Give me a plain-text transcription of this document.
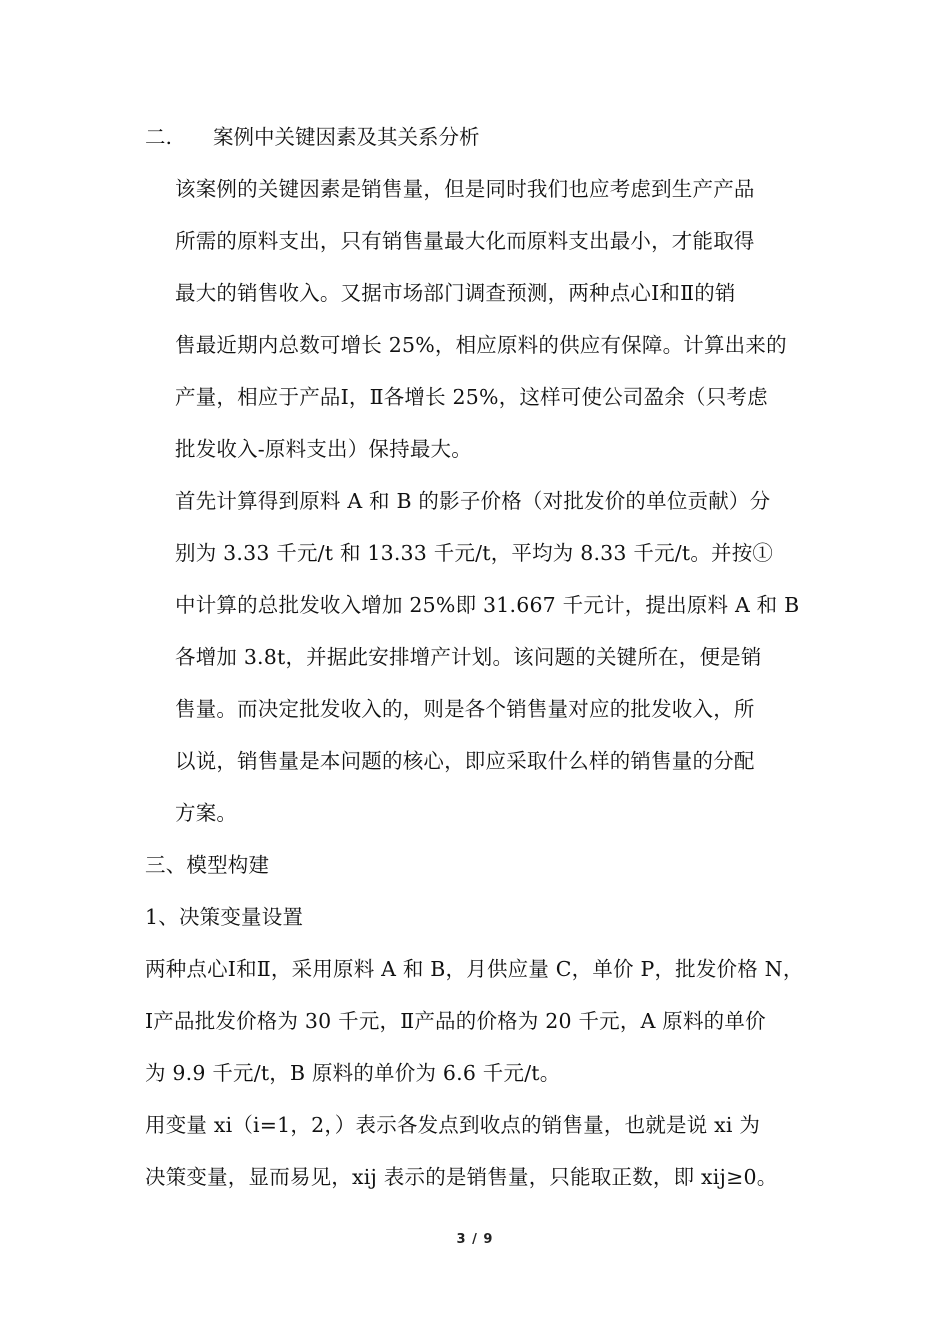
二. 案例中关键因素及其关系分析
该案例的关键因素是销售量，但是同时我们也应考虑到生产产品
所需的原料支出，只有销售量最大化而原料支出最小，才能取得
最大的销售收入。又据市场部门调查预测，两种点心Ⅰ和Ⅱ的销
售最近期内总数可增长 25%，相应原料的供应有保障。计算出来的
产量，相应于产品Ⅰ，Ⅱ各增长 25%，这样可使公司盈余（只考虑
批发收入-原料支出）保持最大。
首先计算得到原料 A 和 B 的影子价格（对批发价的单位贡献）分
别为 3.33 千元/t 和 13.33 千元/t，平均为 8.33 千元/t。并按①
中计算的总批发收入增加 25%即 31.667 千元计，提出原料 A 和 B
各增加 3.8t，并据此安排增产计划。该问题的关键所在，便是销
售量。而决定批发收入的，则是各个销售量对应的批发收入，所
以说，销售量是本问题的核心，即应采取什么样的销售量的分配
方案。
三、模型构建
1、决策变量设置
两种点心Ⅰ和Ⅱ，采用原料 A 和 B，月供应量 C，单价 P，批发价格 N，
Ⅰ产品批发价格为 30 千元，Ⅱ产品的价格为 20 千元，A 原料的单价
为 9.9 千元/t，B 原料的单价为 6.6 千元/t。
用变量 xi（i=1，2，）表示各发点到收点的销售量，也就是说 xi 为
决策变量，显而易见，xij 表示的是销售量，只能取正数，即 xij≥0。
3 / 9
